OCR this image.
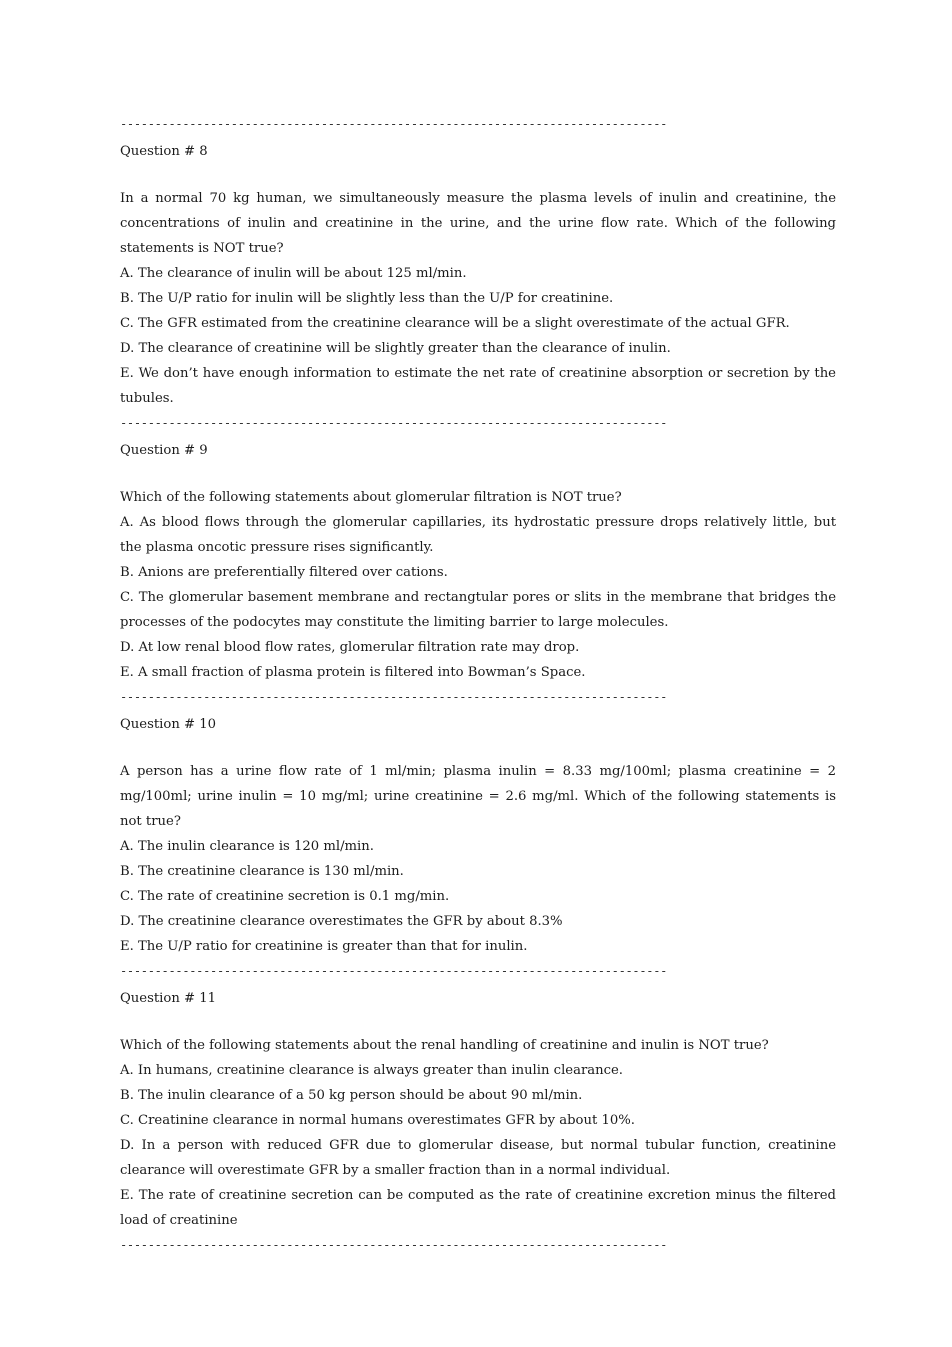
-------------------------------------------------------------------------------
Question # 8

In a normal 70 kg human, we simultaneously measure the plasma levels of inulin and creatinine, the concentrations of inulin and creatinine in the urine, and the urine flow rate. Which of the following statements is NOT true?

A. The clearance of inulin will be about 125 ml/min.

B. The U/P ratio for inulin will be slightly less than the U/P for creatinine.

C. The GFR estimated from the creatinine clearance will be a slight overestimate of the actual GFR.

D. The clearance of creatinine will be slightly greater than the clearance of inulin.

E. We don’t have enough information to estimate the net rate of creatinine absorption or secretion by the tubules.

-------------------------------------------------------------------------------
Question # 9

Which of the following statements about glomerular filtration is NOT true?

A. As blood flows through the glomerular capillaries, its hydrostatic pressure drops relatively little, but the plasma oncotic pressure rises significantly.

B. Anions are preferentially filtered over cations.

C. The glomerular basement membrane and rectangtular pores or slits in the membrane that bridges the processes of the podocytes may constitute the limiting barrier to large molecules.

D. At low renal blood flow rates, glomerular filtration rate may drop.

E. A small fraction of plasma protein is filtered into Bowman’s Space.

-------------------------------------------------------------------------------
Question # 10

A person has a urine flow rate of 1 ml/min; plasma inulin = 8.33 mg/100ml; plasma creatinine = 2 mg/100ml; urine inulin = 10 mg/ml; urine creatinine = 2.6 mg/ml. Which of the following statements is not true?

A. The inulin clearance is 120 ml/min.

B. The creatinine clearance is 130 ml/min.

C. The rate of creatinine secretion is 0.1 mg/min.

D. The creatinine clearance overestimates the GFR by about 8.3%

E. The U/P ratio for creatinine is greater than that for inulin.

-------------------------------------------------------------------------------
Question # 11

Which of the following statements about the renal handling of creatinine and inulin is NOT true?

A. In humans, creatinine clearance is always greater than inulin clearance.

B. The inulin clearance of a 50 kg person should be about 90 ml/min.

C. Creatinine clearance in normal humans overestimates GFR by about 10%.

D. In a person with reduced GFR due to glomerular disease, but normal tubular function, creatinine clearance will overestimate GFR by a smaller fraction than in a normal individual.

E. The rate of creatinine secretion can be computed as the rate of creatinine excretion minus the filtered load of creatinine

-------------------------------------------------------------------------------
